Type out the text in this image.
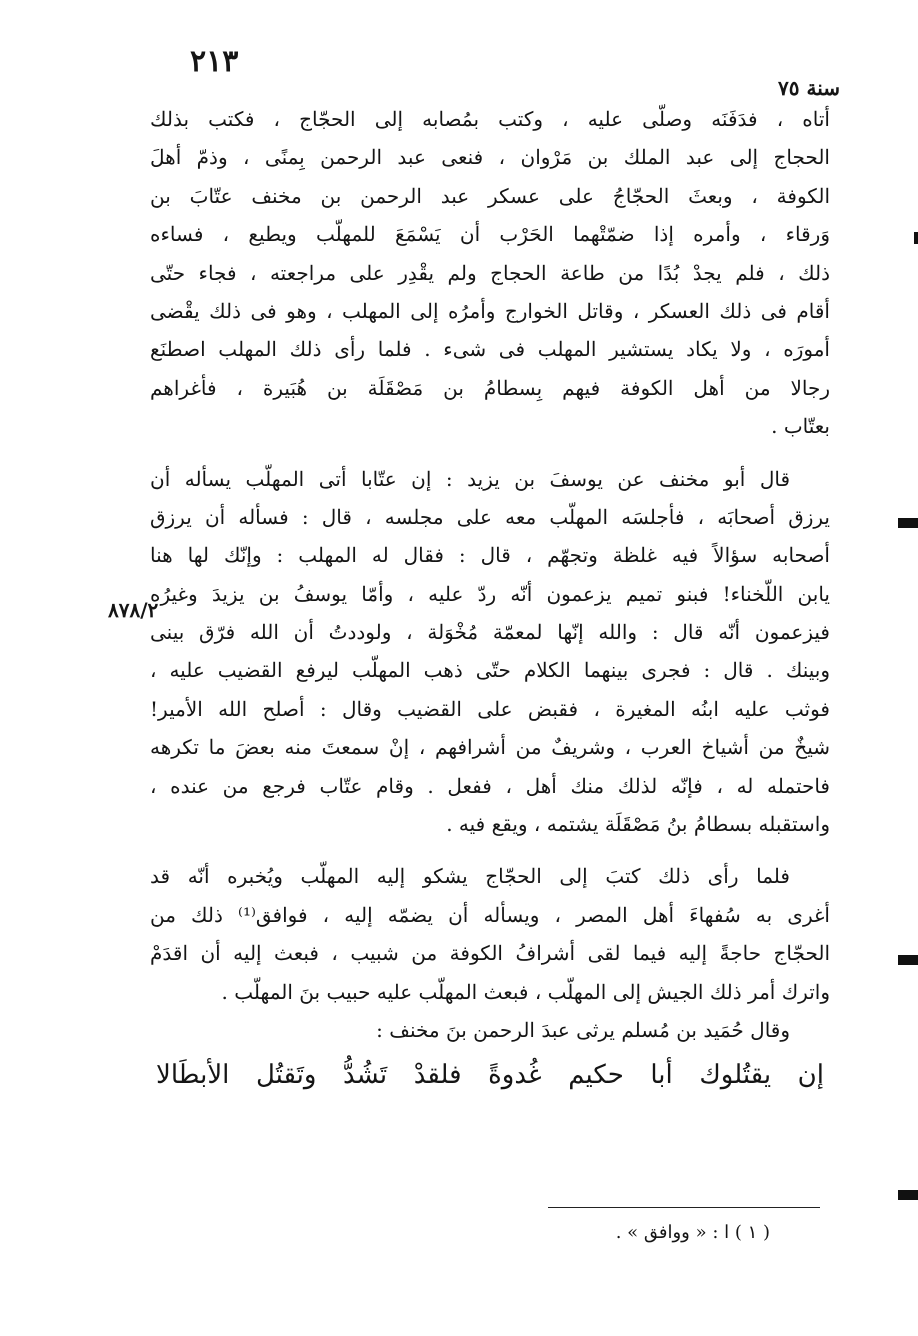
٢١٣
سنة ٧٥
٨٧٨/٢
أتاه ، فدَفَنَه وصلّى عليه ، وكتب بمُصابه إلى الحجّاج ، فكتب بذلك
الحجاج إلى عبد الملك بن مَرْوان ، فنعى عبد الرحمن بِمنًى ، وذمّ أهلَ
الكوفة ، وبعثَ الحجّاجُ على عسكر عبد الرحمن بن مخنف عتّابَ بن
وَرقاء ، وأمره إذا ضمّتْهما الحَرْب أن يَسْمَعَ للمهلّب ويطيع ، فساءه
ذلك ، فلم يجدْ بُدًا من طاعة الحجاج ولم يقْدِر على مراجعته ، فجاء حتّى
أقام فى ذلك العسكر ، وقاتل الخوارج وأمرُه إلى المهلب ، وهو فى ذلك يقْضى
أمورَه ، ولا يكاد يستشير المهلب فى شىء . فلما رأى ذلك المهلب اصطنَع
رجالا من أهل الكوفة فيهم بِسطامُ بن مَصْقَلَة بن هُبَيرة ، فأغراهم
بعتّاب .
قال أبو مخنف عن يوسفَ بن يزيد : إن عتّابا أتى المهلّب يسأله أن
يرزق أصحابَه ، فأجلسَه المهلّب معه على مجلسه ، قال : فسأله أن يرزق
أصحابه سؤالاً فيه غلظة وتجهّم ، قال : فقال له المهلب : وإنّك لها هنا
يابن اللّخناء! فبنو تميم يزعمون أنّه ردّ عليه ، وأمّا يوسفُ بن يزيدَ وغيرُه
فيزعمون أنّه قال : والله إنّها لمعمّة مُخْوَلة ، ولوددتُ أن الله فرّق بينى
وبينك . قال : فجرى بينهما الكلام حتّى ذهب المهلّب ليرفع القضيب عليه ،
فوثب عليه ابنُه المغيرة ، فقبض على القضيب وقال : أصلح الله الأمير!
شيخٌ من أشياخ العرب ، وشريفٌ من أشرافهم ، إنْ سمعتَ منه بعضَ ما تكرهه
فاحتمله له ، فإنّه لذلك منك أهل ، ففعل . وقام عتّاب فرجع من عنده ،
واستقبله بسطامُ بنُ مَصْقَلَة يشتمه ، ويقع فيه .
فلما رأى ذلك كتبَ إلى الحجّاج يشكو إليه المهلّب ويُخبره أنّه قد
أغرى به سُفهاءَ أهل المصر ، ويسأله أن يضمّه إليه ، فوافق⁽¹⁾ ذلك من
الحجّاج حاجةً إليه فيما لقى أشرافُ الكوفة من شبيب ، فبعث إليه أن اقدَمْ
واترك أمر ذلك الجيش إلى المهلّب ، فبعث المهلّب عليه حبيب بنَ المهلّب .
وقال حُمَيد بن مُسلم يرثى عبدَ الرحمن بنَ مخنف :
إن يقتُلوك أبا حكيم غُدوةً فلقدْ تَشُدُّ وتَقتُل الأبطَالا
( ١ ) ا : « ووافق » .
